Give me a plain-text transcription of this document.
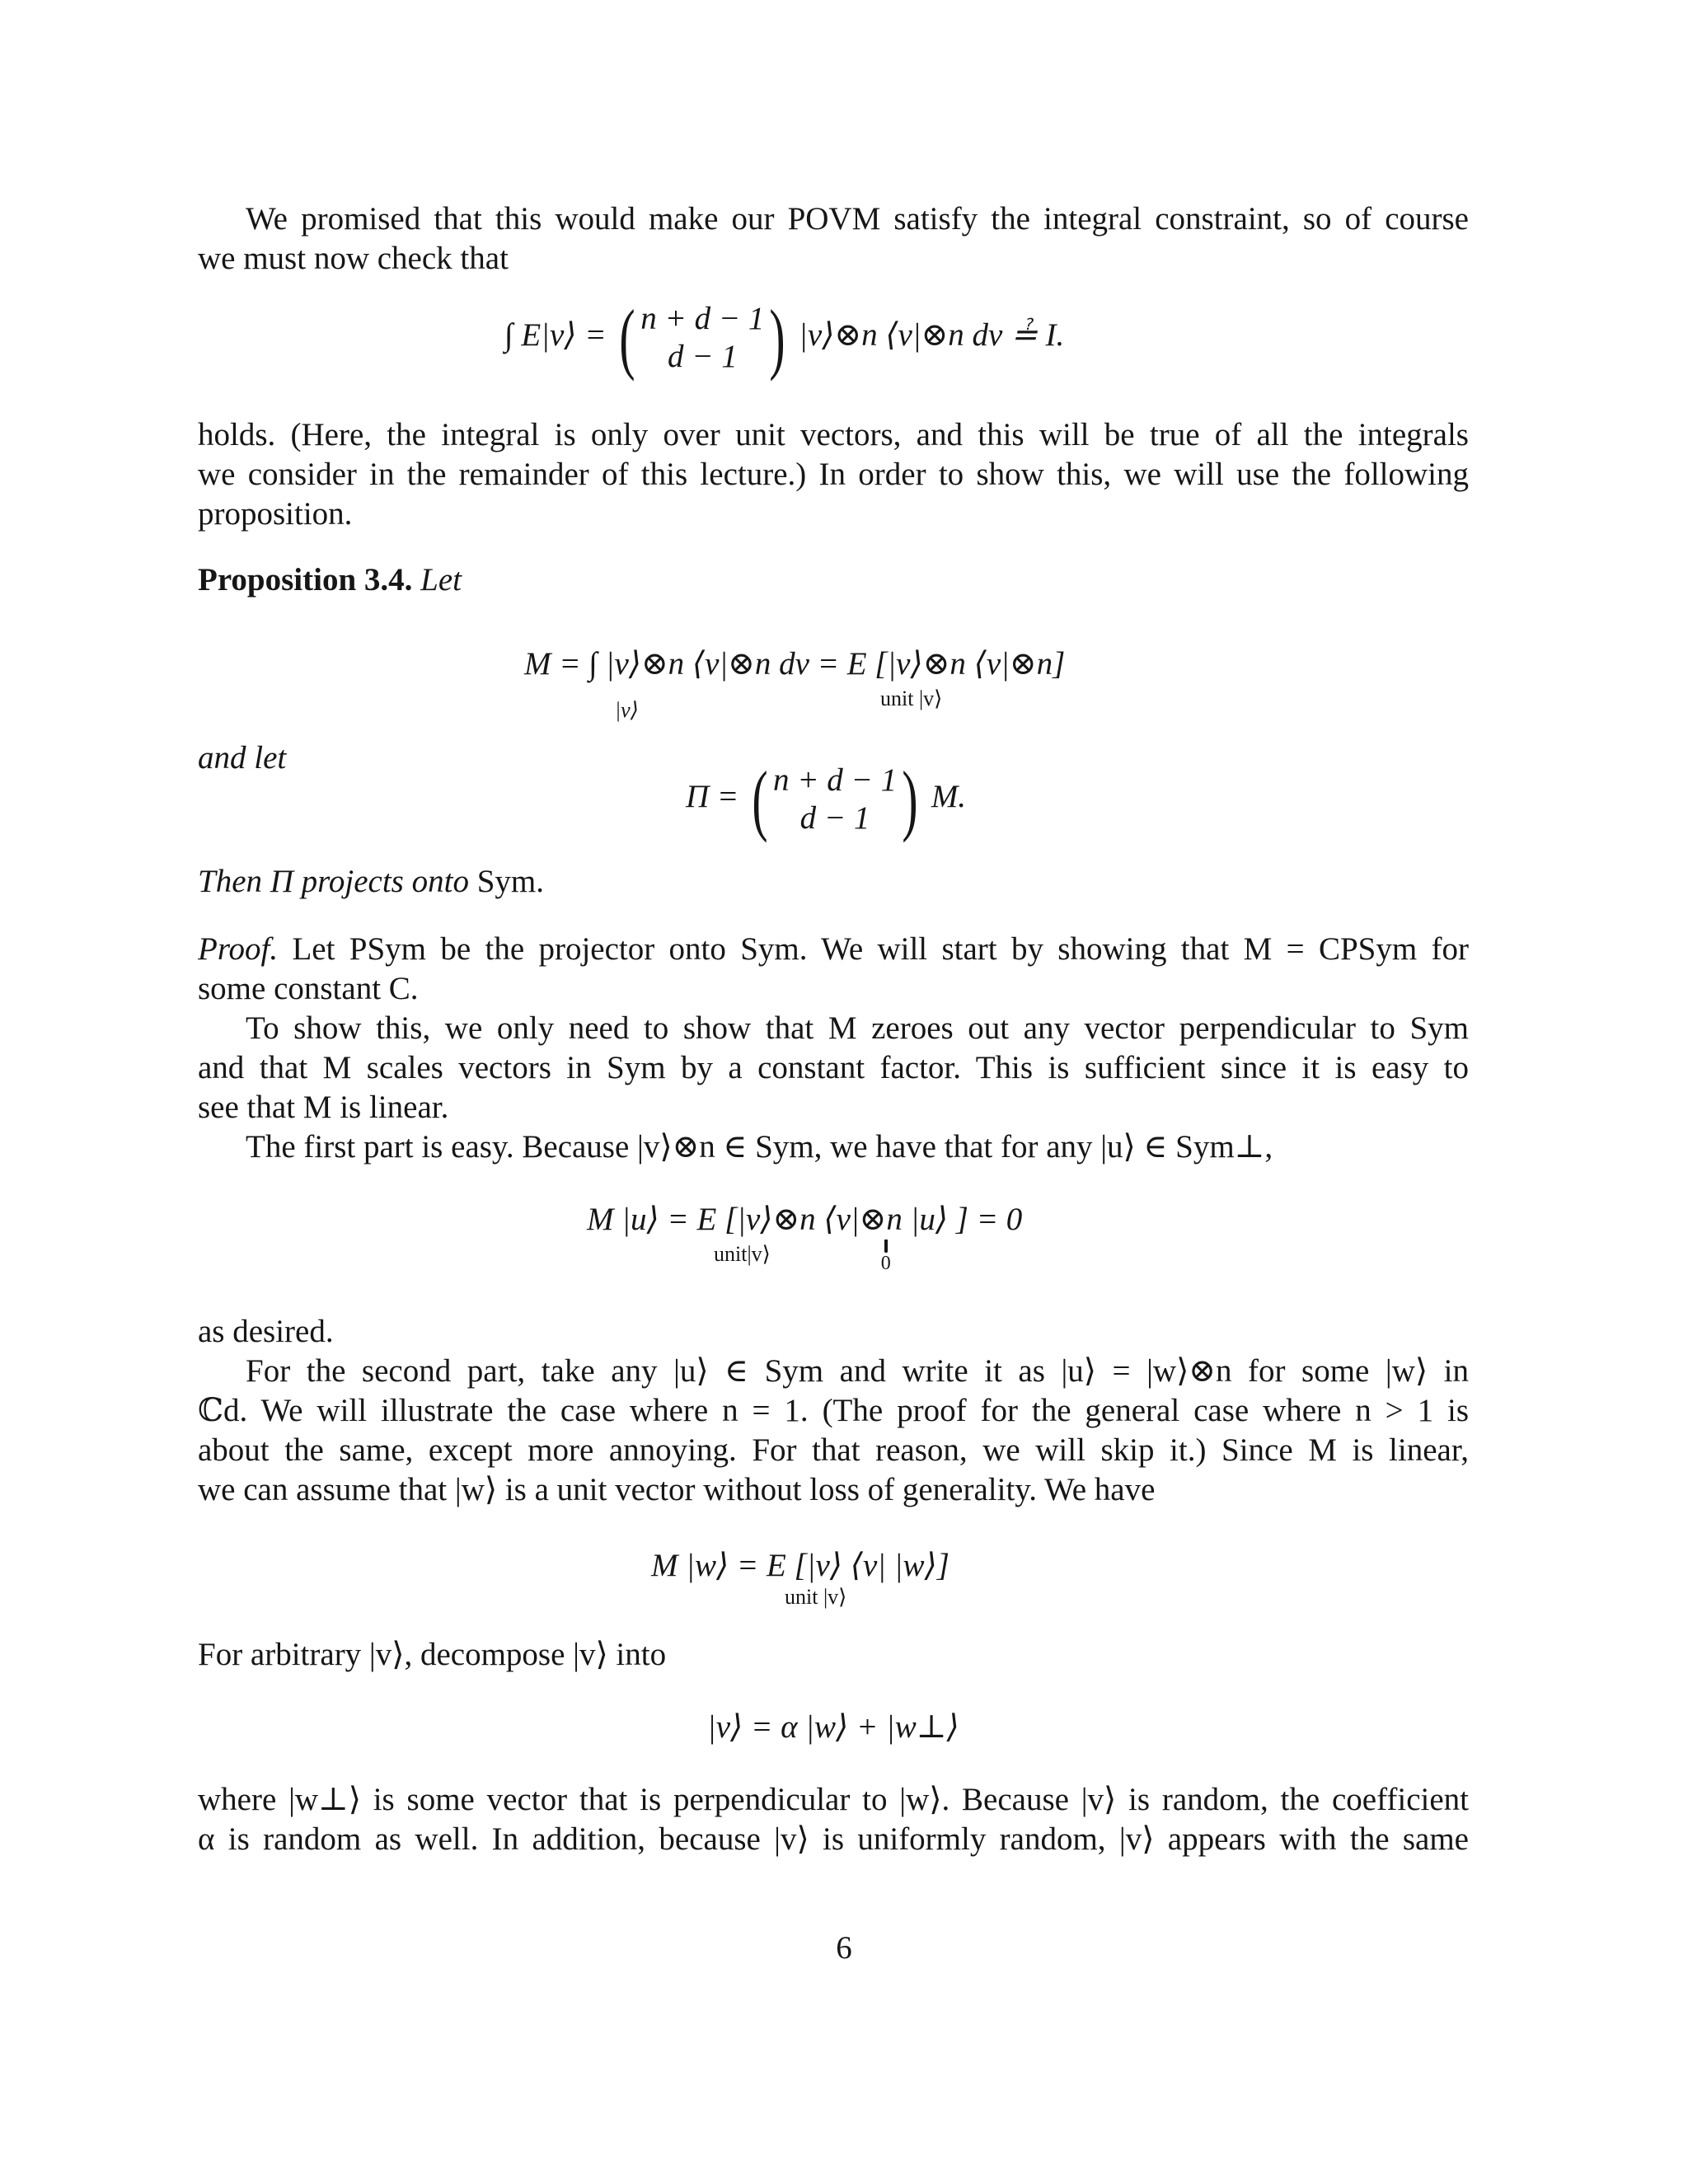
We promised that this would make our POVM satisfy the integral constraint, so of course
we must now check that
∫ E|v⟩ = ( n + d − 1
d − 1 ) |v⟩⊗n ⟨v|⊗n dv ≟ I.
holds. (Here, the integral is only over unit vectors, and this will be true of all the integrals
we consider in the remainder of this lecture.) In order to show this, we will use the following
proposition.
Proposition 3.4. Let
M = ∫ |v⟩⊗n ⟨v|⊗n dv = E [|v⟩⊗n ⟨v|⊗n]
|v⟩	unit |v⟩
and let
Π = ( n + d − 1
d − 1 ) M.
Then Π projects onto Sym.
Proof. Let PSym be the projector onto Sym. We will start by showing that M = CPSym for
some constant C.
To show this, we only need to show that M zeroes out any vector perpendicular to Sym
and that M scales vectors in Sym by a constant factor. This is sufficient since it is easy to
see that M is linear.
The first part is easy. Because |v⟩⊗n ∈ Sym, we have that for any |u⟩ ∈ Sym⊥,
M |u⟩ = E [|v⟩⊗n ⟨v|⊗n |u⟩
0
] = 0
unit|v⟩
as desired.
For the second part, take any |u⟩ ∈ Sym and write it as |u⟩ = |w⟩⊗n for some |w⟩ in
ℂd. We will illustrate the case where n = 1. (The proof for the general case where n > 1 is
about the same, except more annoying. For that reason, we will skip it.) Since M is linear,
we can assume that |w⟩ is a unit vector without loss of generality. We have
M |w⟩ = E [|v⟩ ⟨v| |w⟩]
unit |v⟩
For arbitrary |v⟩, decompose |v⟩ into
|v⟩ = α |w⟩ + |w⊥⟩
where |w⊥⟩ is some vector that is perpendicular to |w⟩. Because |v⟩ is random, the coefficient
α is random as well. In addition, because |v⟩ is uniformly random, |v⟩ appears with the same
6
